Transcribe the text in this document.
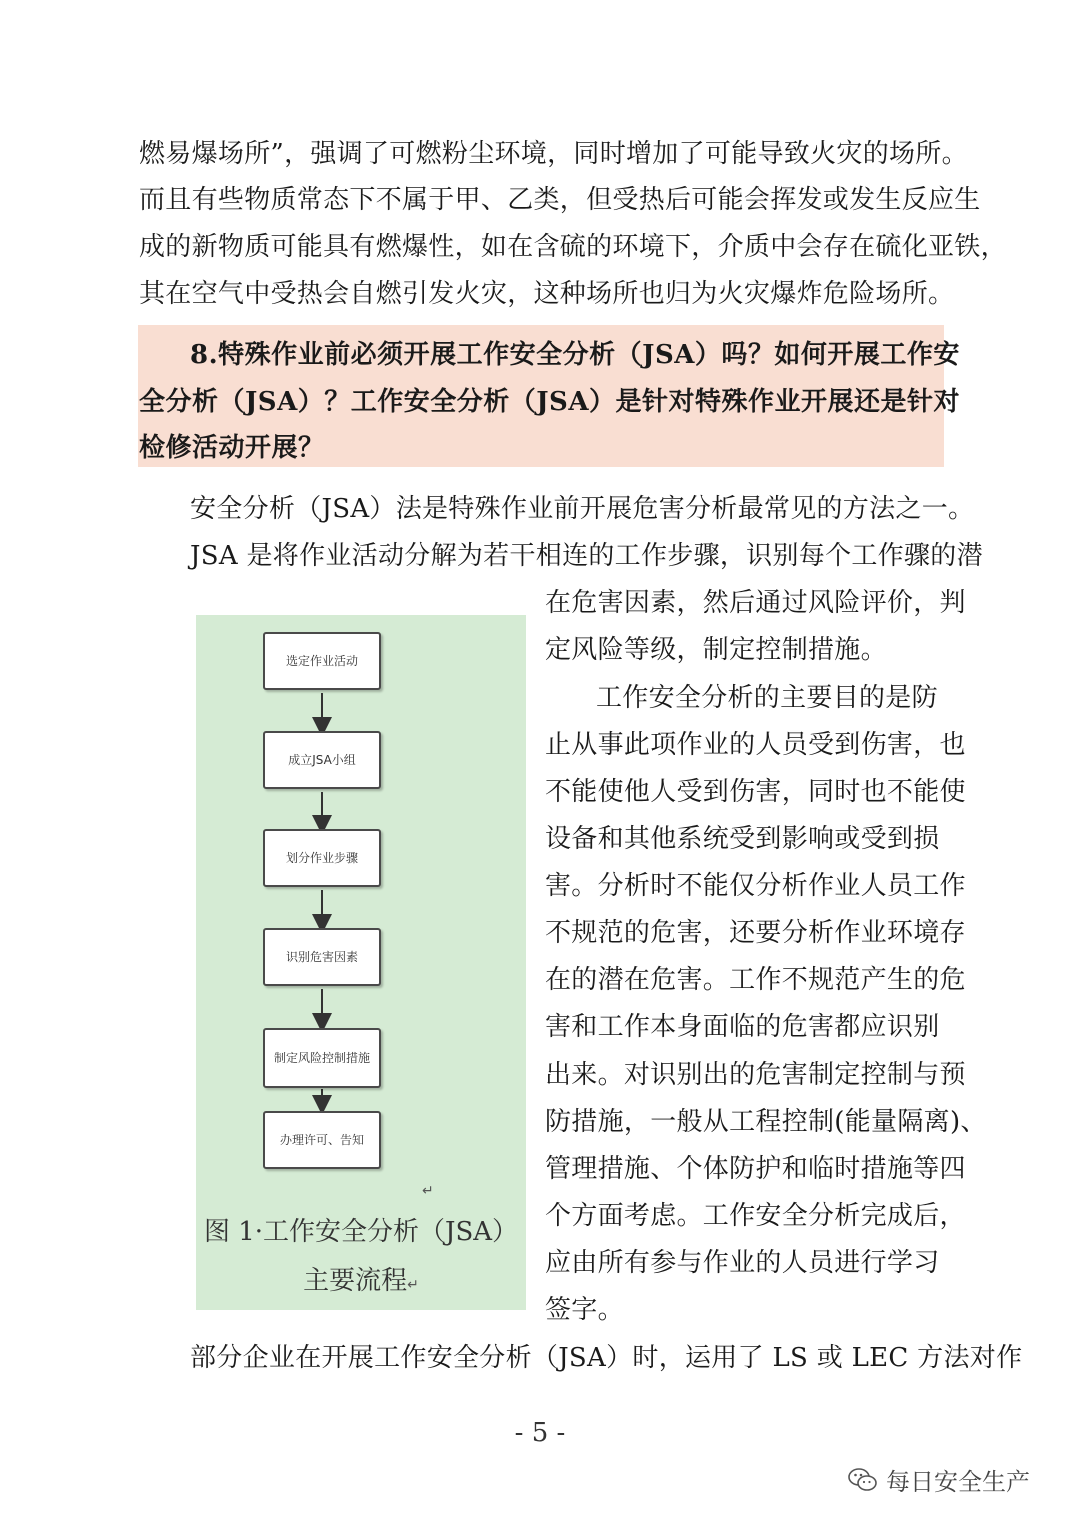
燃易爆场所”，强调了可燃粉尘环境，同时增加了可能导致火灾的场所。
而且有些物质常态下不属于甲、乙类，但受热后可能会挥发或发生反应生
成的新物质可能具有燃爆性，如在含硫的环境下，介质中会存在硫化亚铁，
其在空气中受热会自燃引发火灾，这种场所也归为火灾爆炸危险场所。
8.特殊作业前必须开展工作安全分析（JSA）吗？如何开展工作安
全分析（JSA）？工作安全分析（JSA）是针对特殊作业开展还是针对
检修活动开展？
安全分析（JSA）法是特殊作业前开展危害分析最常见的方法之一。
JSA 是将作业活动分解为若干相连的工作步骤，识别每个工作骤的潜
选定作业活动
成立JSA小组
划分作业步骤
识别危害因素
制定风险控制措施
办理许可、告知
↵
图 1·工作安全分析（JSA）
主要流程↵
在危害因素，然后通过风险评价，判
定风险等级，制定控制措施。
工作安全分析的主要目的是防
止从事此项作业的人员受到伤害，也
不能使他人受到伤害，同时也不能使
设备和其他系统受到影响或受到损
害。分析时不能仅分析作业人员工作
不规范的危害，还要分析作业环境存
在的潜在危害。工作不规范产生的危
害和工作本身面临的危害都应识别
出来。对识别出的危害制定控制与预
防措施，一般从工程控制(能量隔离)、
管理措施、个体防护和临时措施等四
个方面考虑。工作安全分析完成后，
应由所有参与作业的人员进行学习
签字。
部分企业在开展工作安全分析（JSA）时，运用了 LS 或 LEC 方法对作
- 5 -
每日安全生产
